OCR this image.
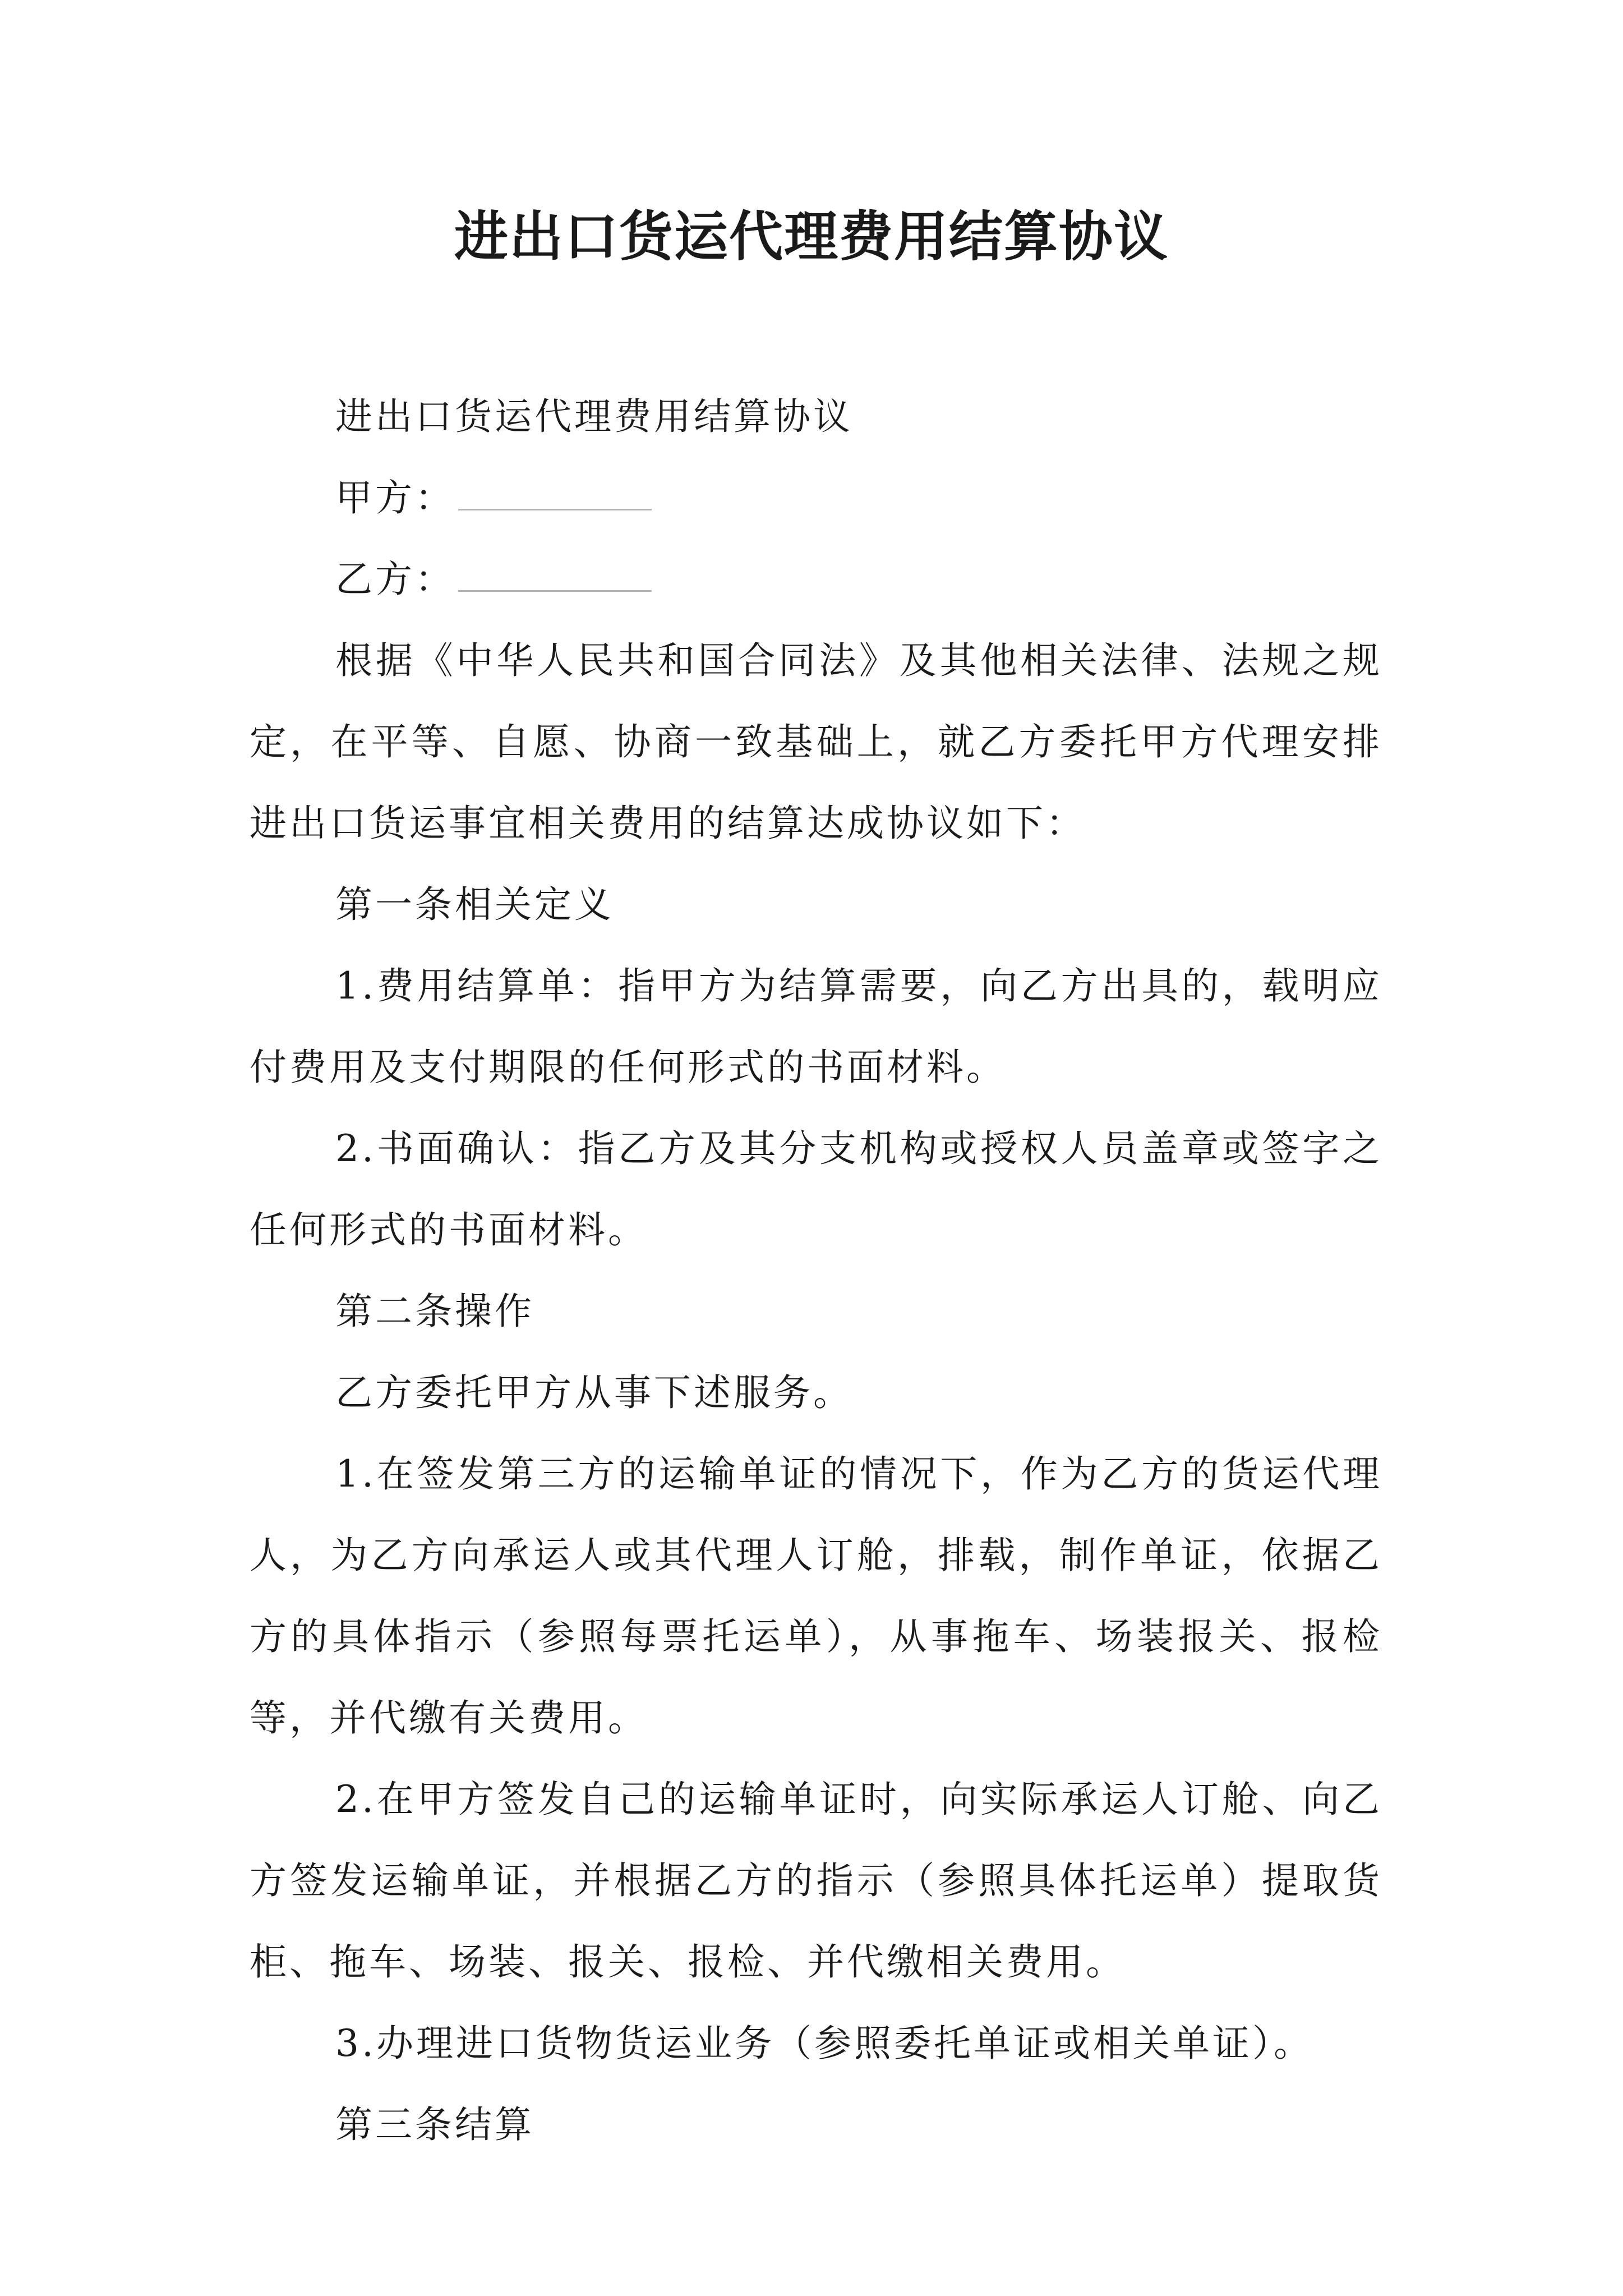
进出口货运代理费用结算协议

进出口货运代理费用结算协议

甲方：

乙方：

根据《中华人民共和国合同法》及其他相关法律、法规之规定，在平等、自愿、协商一致基础上，就乙方委托甲方代理安排进出口货运事宜相关费用的结算达成协议如下：

第一条相关定义

1.费用结算单：指甲方为结算需要，向乙方出具的，载明应付费用及支付期限的任何形式的书面材料。

2.书面确认：指乙方及其分支机构或授权人员盖章或签字之任何形式的书面材料。

第二条操作

乙方委托甲方从事下述服务。

1.在签发第三方的运输单证的情况下，作为乙方的货运代理人，为乙方向承运人或其代理人订舱，排载，制作单证，依据乙方的具体指示（参照每票托运单），从事拖车、场装报关、报检等，并代缴有关费用。

2.在甲方签发自己的运输单证时，向实际承运人订舱、向乙方签发运输单证，并根据乙方的指示（参照具体托运单）提取货柜、拖车、场装、报关、报检、并代缴相关费用。

3.办理进口货物货运业务（参照委托单证或相关单证）。

第三条结算
